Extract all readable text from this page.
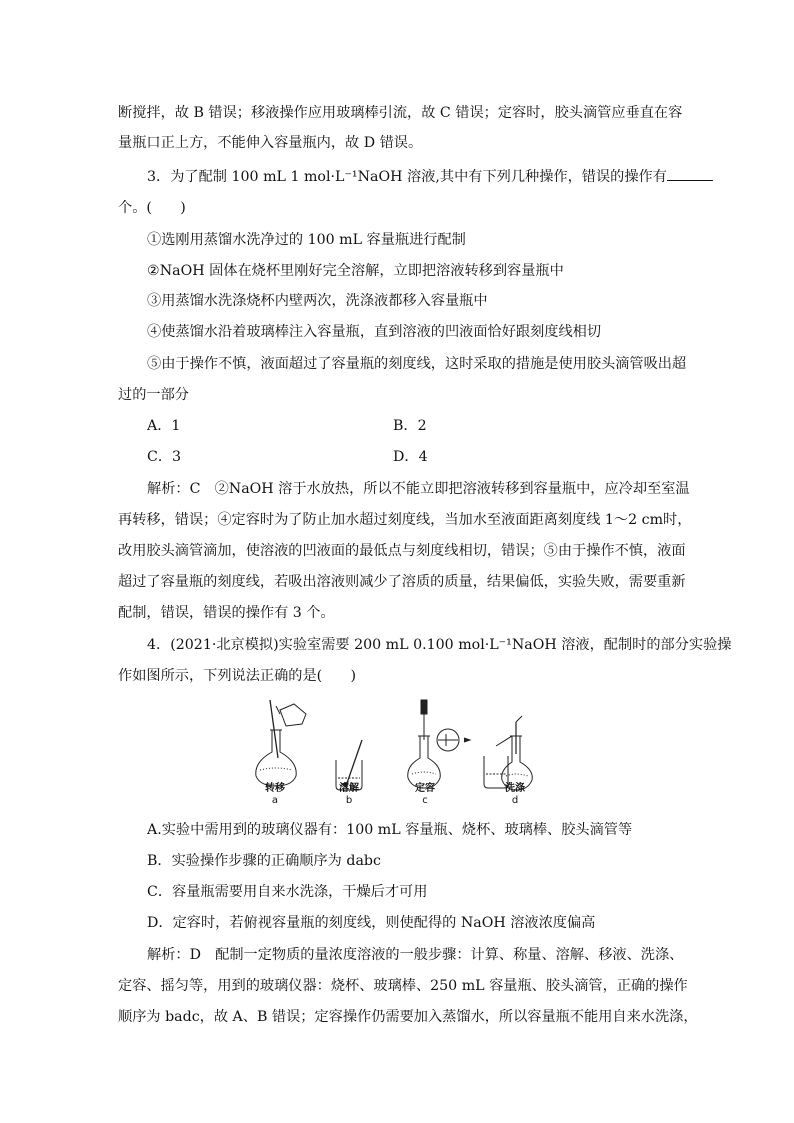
断搅拌，故 B 错误；移液操作应用玻璃棒引流，故 C 错误；定容时，胶头滴管应垂直在容
量瓶口正上方，不能伸入容量瓶内，故 D 错误。
3．为了配制 100 mL 1 mol·L⁻¹NaOH 溶液,其中有下列几种操作，错误的操作有
个。(　　)
①选刚用蒸馏水洗净过的 100 mL 容量瓶进行配制
②NaOH 固体在烧杯里刚好完全溶解，立即把溶液转移到容量瓶中
③用蒸馏水洗涤烧杯内壁两次，洗涤液都移入容量瓶中
④使蒸馏水沿着玻璃棒注入容量瓶，直到溶液的凹液面恰好跟刻度线相切
⑤由于操作不慎，液面超过了容量瓶的刻度线，这时采取的措施是使用胶头滴管吸出超
过的一部分
A．1	B．2
C．3	D．4
解析：C　②NaOH 溶于水放热，所以不能立即把溶液转移到容量瓶中，应冷却至室温
再转移，错误；④定容时为了防止加水超过刻度线，当加水至液面距离刻度线 1～2 cm时，
改用胶头滴管滴加，使溶液的凹液面的最低点与刻度线相切，错误；⑤由于操作不慎，液面
超过了容量瓶的刻度线，若吸出溶液则减少了溶质的质量，结果偏低，实验失败，需要重新
配制，错误，错误的操作有 3 个。
4．(2021·北京模拟)实验室需要 200 mL 0.100 mol·L⁻¹NaOH 溶液，配制时的部分实验操
作如图所示，下列说法正确的是(　　)
转移	溶解	定容	洗涤
a	b	c	d
A.实验中需用到的玻璃仪器有：100 mL 容量瓶、烧杯、玻璃棒、胶头滴管等
B．实验操作步骤的正确顺序为 dabc
C．容量瓶需要用自来水洗涤，干燥后才可用
D．定容时，若俯视容量瓶的刻度线，则使配得的 NaOH 溶液浓度偏高
解析：D　配制一定物质的量浓度溶液的一般步骤：计算、称量、溶解、移液、洗涤、
定容、摇匀等，用到的玻璃仪器：烧杯、玻璃棒、250 mL 容量瓶、胶头滴管，正确的操作
顺序为 badc，故 A、B 错误；定容操作仍需要加入蒸馏水，所以容量瓶不能用自来水洗涤，
